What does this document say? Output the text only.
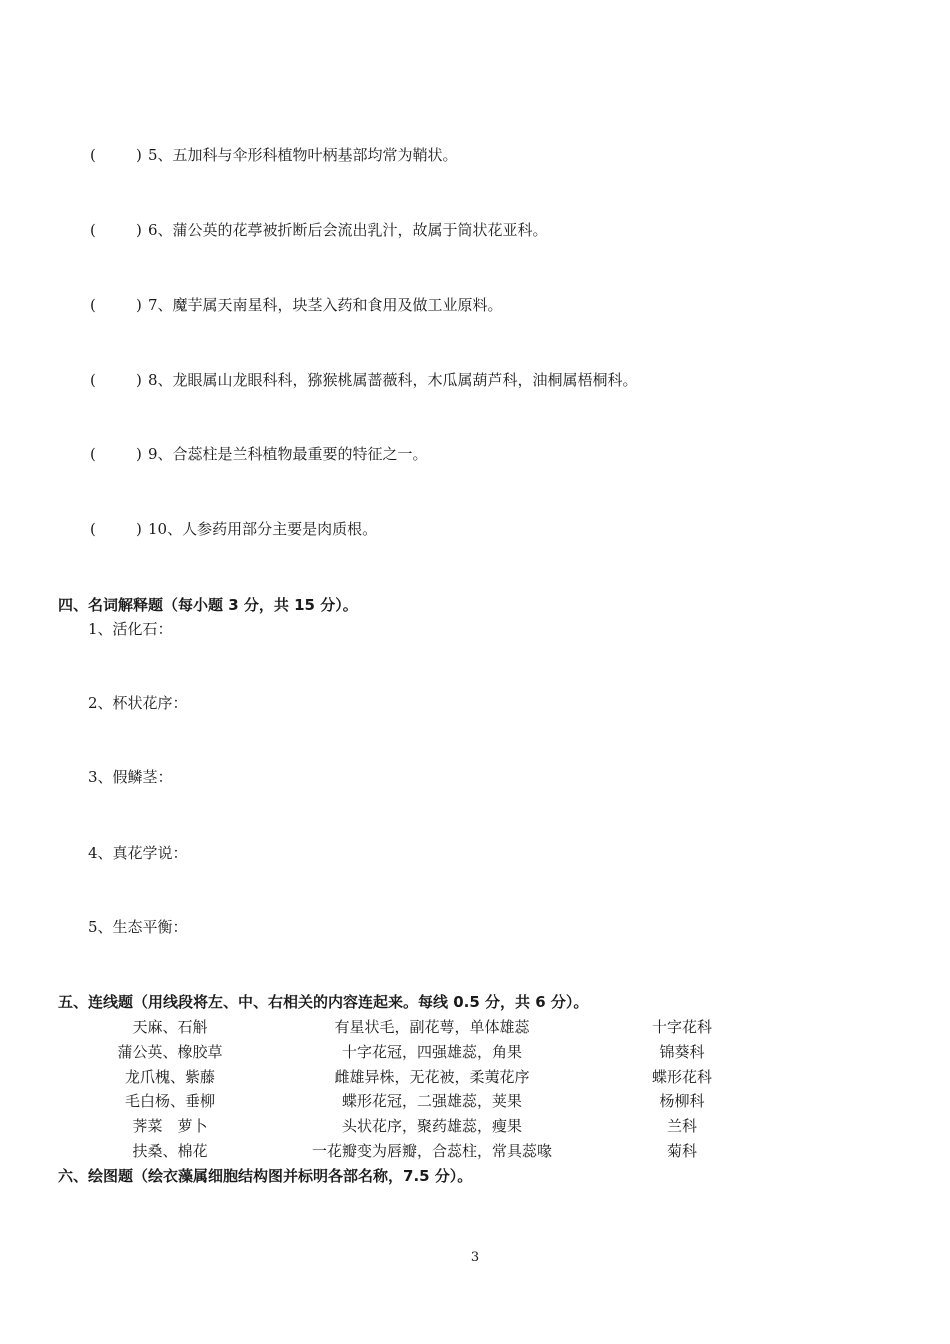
(	) 5、五加科与伞形科植物叶柄基部均常为鞘状。
(	) 6、蒲公英的花葶被折断后会流出乳汁，故属于筒状花亚科。
(	) 7、魔芋属天南星科，块茎入药和食用及做工业原料。
(	) 8、龙眼属山龙眼科科，猕猴桃属蔷薇科，木瓜属葫芦科，油桐属梧桐科。
(	) 9、合蕊柱是兰科植物最重要的特征之一。
(	) 10、人参药用部分主要是肉质根。
四、名词解释题（每小题 3 分，共 15 分）。
1、活化石：
2、杯状花序：
3、假鳞茎：
4、真花学说：
5、生态平衡：
五、连线题（用线段将左、中、右相关的内容连起来。每线 0.5 分，共 6 分）。
天麻、石斛	有星状毛，副花萼，单体雄蕊	十字花科
蒲公英、橡胶草	十字花冠，四强雄蕊，角果	锦葵科
龙爪槐、紫藤	雌雄异株，无花被，柔荑花序	蝶形花科
毛白杨、垂柳	蝶形花冠，二强雄蕊，荚果	杨柳科
荠菜　萝卜	头状花序，聚药雄蕊，瘦果	兰科
扶桑、棉花	一花瓣变为唇瓣，合蕊柱，常具蕊喙	菊科
六、绘图题（绘衣藻属细胞结构图并标明各部名称，7.5 分）。
3
